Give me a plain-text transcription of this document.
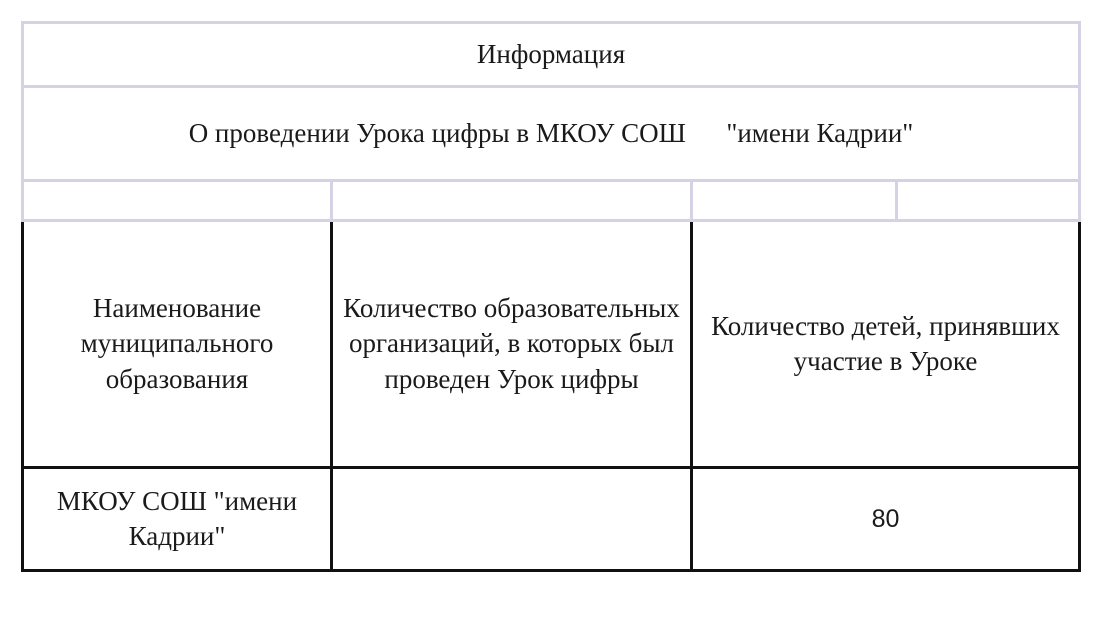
Информация			
О проведении Урока цифры в МКОУ СОШ      "имени Кадрии"			

Наименование муниципального образования	Количество образовательных организаций, в которых был проведен Урок цифры	Количество детей, принявших участие в Уроке	
МКОУ СОШ "имени Кадрии"		80	
